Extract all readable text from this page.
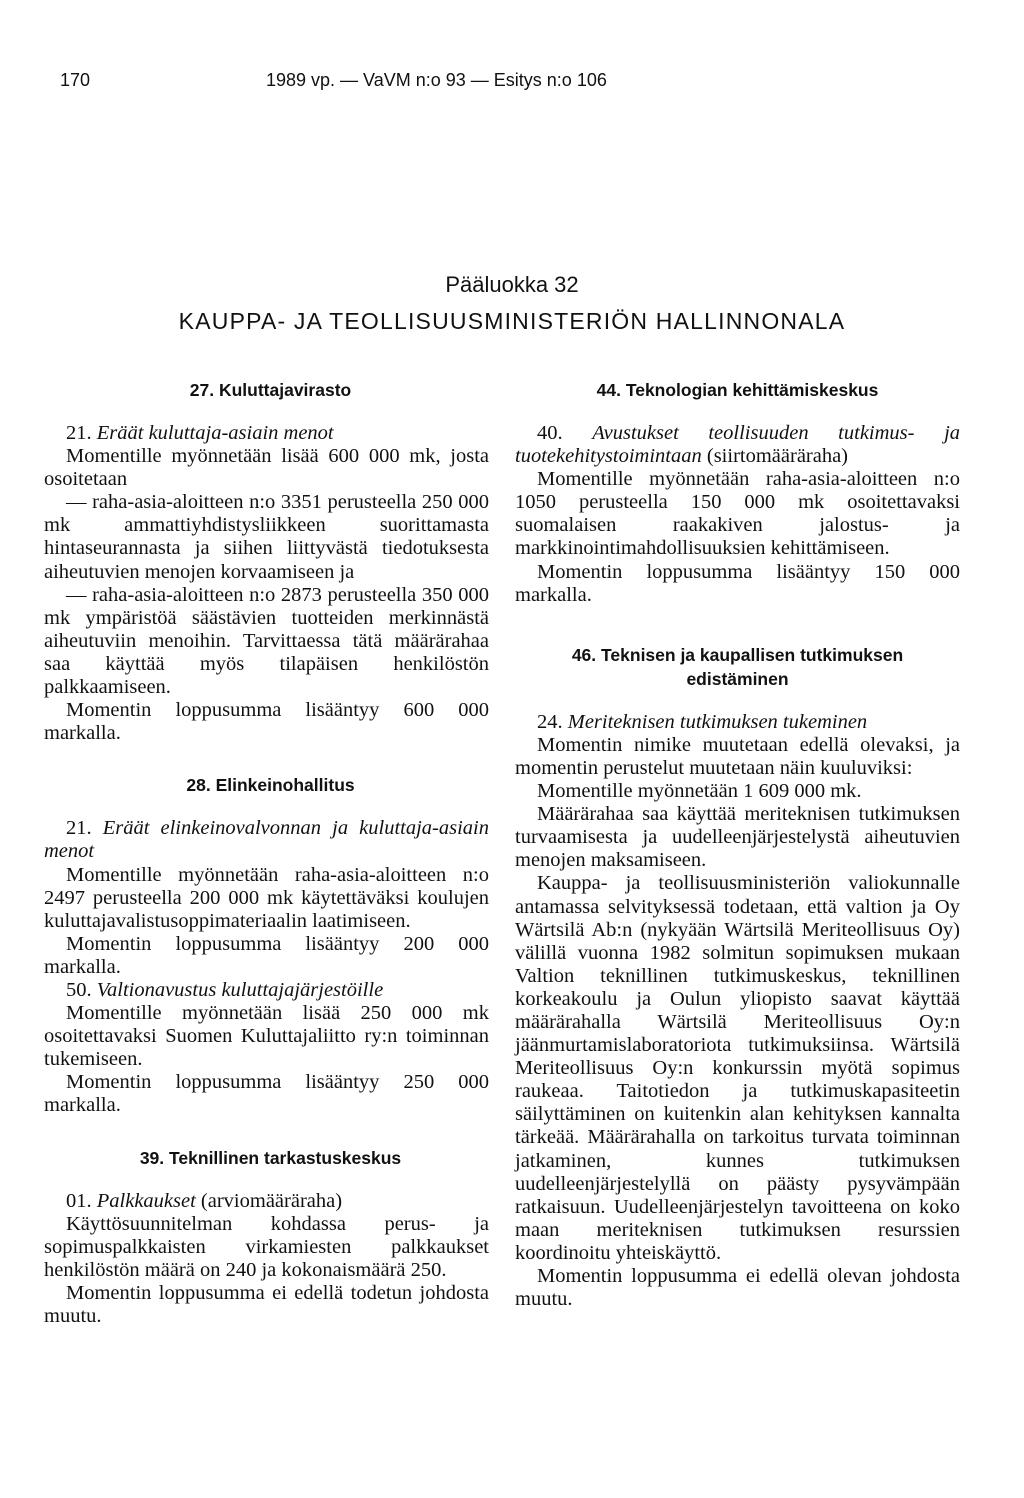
170	1989 vp. — VaVM n:o 93 — Esitys n:o 106
Pääluokka 32
KAUPPA- JA TEOLLISUUSMINISTERIÖN HALLINNONALA
27. Kuluttajavirasto
21. Eräät kuluttaja-asiain menot
Momentille myönnetään lisää 600 000 mk, josta osoitetaan
— raha-asia-aloitteen n:o 3351 perusteella 250 000 mk ammattiyhdistysliikkeen suorittamasta hintaseurannasta ja siihen liittyvästä tiedotuksesta aiheutuvien menojen korvaamiseen ja
— raha-asia-aloitteen n:o 2873 perusteella 350 000 mk ympäristöä säästävien tuotteiden merkinnästä aiheutuviin menoihin. Tarvittaessa tätä määrärahaa saa käyttää myös tilapäisen henkilöstön palkkaamiseen.
Momentin loppusumma lisääntyy 600 000 markalla.
28. Elinkeinohallitus
21. Eräät elinkeinovalvonnan ja kuluttaja-asiain menot
Momentille myönnetään raha-asia-aloitteen n:o 2497 perusteella 200 000 mk käytettäväksi koulujen kuluttajavalistusoppimateriaalin laatimiseen.
Momentin loppusumma lisääntyy 200 000 markalla.
50. Valtionavustus kuluttajajärjestöille
Momentille myönnetään lisää 250 000 mk osoitettavaksi Suomen Kuluttajaliitto ry:n toiminnan tukemiseen.
Momentin loppusumma lisääntyy 250 000 markalla.
39. Teknillinen tarkastuskeskus
01. Palkkaukset (arviomääräraha)
Käyttösuunnitelman kohdassa perus- ja sopimuspalkkaisten virkamiesten palkkaukset henkilöstön määrä on 240 ja kokonaismäärä 250.
Momentin loppusumma ei edellä todetun johdosta muutu.
44. Teknologian kehittämiskeskus
40. Avustukset teollisuuden tutkimus- ja tuotekehitystoimintaan (siirtomääräraha)
Momentille myönnetään raha-asia-aloitteen n:o 1050 perusteella 150 000 mk osoitettavaksi suomalaisen raakakiven jalostus- ja markkinointimahdollisuuksien kehittämiseen.
Momentin loppusumma lisääntyy 150 000 markalla.
46. Teknisen ja kaupallisen tutkimuksen edistäminen
24. Meriteknisen tutkimuksen tukeminen
Momentin nimike muutetaan edellä olevaksi, ja momentin perustelut muutetaan näin kuuluviksi:
Momentille myönnetään 1 609 000 mk.
Määrärahaa saa käyttää meriteknisen tutkimuksen turvaamisesta ja uudelleenjärjestelystä aiheutuvien menojen maksamiseen.
Kauppa- ja teollisuusministeriön valiokunnalle antamassa selvityksessä todetaan, että valtion ja Oy Wärtsilä Ab:n (nykyään Wärtsilä Meriteollisuus Oy) välillä vuonna 1982 solmitun sopimuksen mukaan Valtion teknillinen tutkimuskeskus, teknillinen korkeakoulu ja Oulun yliopisto saavat käyttää määrärahalla Wärtsilä Meriteollisuus Oy:n jäänmurtamislaboratoriota tutkimuksiinsa. Wärtsilä Meriteollisuus Oy:n konkurssin myötä sopimus raukeaa. Taitotiedon ja tutkimuskapasiteetin säilyttäminen on kuitenkin alan kehityksen kannalta tärkeää. Määrärahalla on tarkoitus turvata toiminnan jatkaminen, kunnes tutkimuksen uudelleenjärjestelyllä on päästy pysyvämpään ratkaisuun. Uudelleenjärjestelyn tavoitteena on koko maan meriteknisen tutkimuksen resurssien koordinoitu yhteiskäyttö.
Momentin loppusumma ei edellä olevan johdosta muutu.
